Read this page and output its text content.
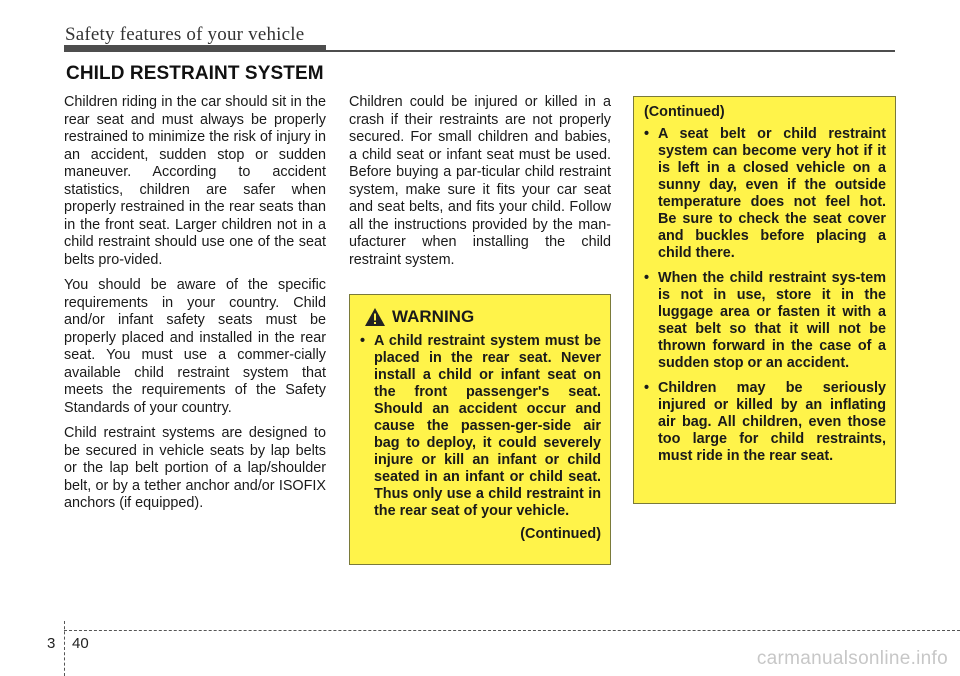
Safety features of your vehicle
CHILD RESTRAINT SYSTEM

Children riding in the car should sit in the rear seat and must always be properly restrained to minimize the risk of injury in an accident, sudden stop or sudden maneuver. According to accident statistics, children are safer when properly restrained in the rear seats than in the front seat. Larger children not in a child restraint should use one of the seat belts pro-vided.

You should be aware of the specific requirements in your country. Child and/or infant safety seats must be properly placed and installed in the rear seat. You must use a commer-cially available child restraint system that meets the requirements of the Safety Standards of your country.

Child restraint systems are designed to be secured in vehicle seats by lap belts or the lap belt portion of a lap/shoulder belt, or by a tether anchor and/or ISOFIX anchors (if equipped).

Children could be injured or killed in a crash if their restraints are not properly secured. For small children and babies, a child seat or infant seat must be used. Before buying a par-ticular child restraint system, make sure it fits your car seat and seat belts, and fits your child. Follow all the instructions provided by the man-ufacturer when installing the child restraint system.

WARNING
• A child restraint system must be placed in the rear seat. Never install a child or infant seat on the front passenger's seat. Should an accident occur and cause the passen-ger-side air bag to deploy, it could severely injure or kill an infant or child seated in an infant or child seat. Thus only use a child restraint in the rear seat of your vehicle.
(Continued)
(Continued)
• A seat belt or child restraint system can become very hot if it is left in a closed vehicle on a sunny day, even if the outside temperature does not feel hot. Be sure to check the seat cover and buckles before placing a child there.
• When the child restraint sys-tem is not in use, store it in the luggage area or fasten it with a seat belt so that it will not be thrown forward in the case of a sudden stop or an accident.
• Children may be seriously injured or killed by an inflating air bag. All children, even those too large for child restraints, must ride in the rear seat.
3 40
carmanualsonline.info
